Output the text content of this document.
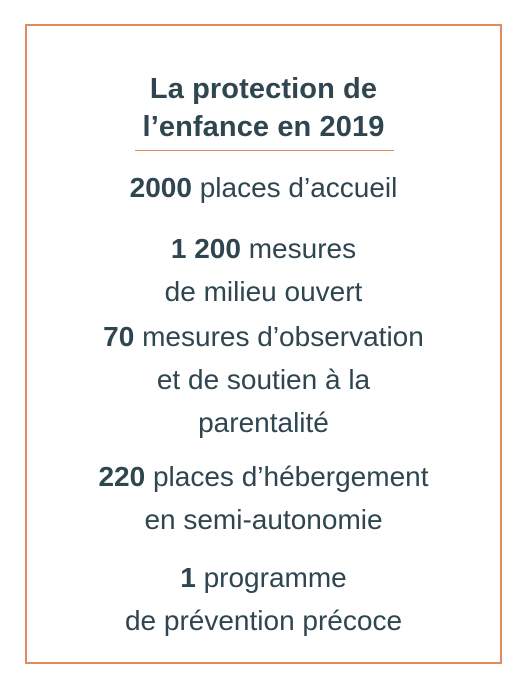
La protection de
l’enfance en 2019
2000 places d’accueil
1 200 mesures
de milieu ouvert
70 mesures d’observation
et de soutien à la
parentalité
220 places d’hébergement
en semi-autonomie
1 programme
de prévention précoce
